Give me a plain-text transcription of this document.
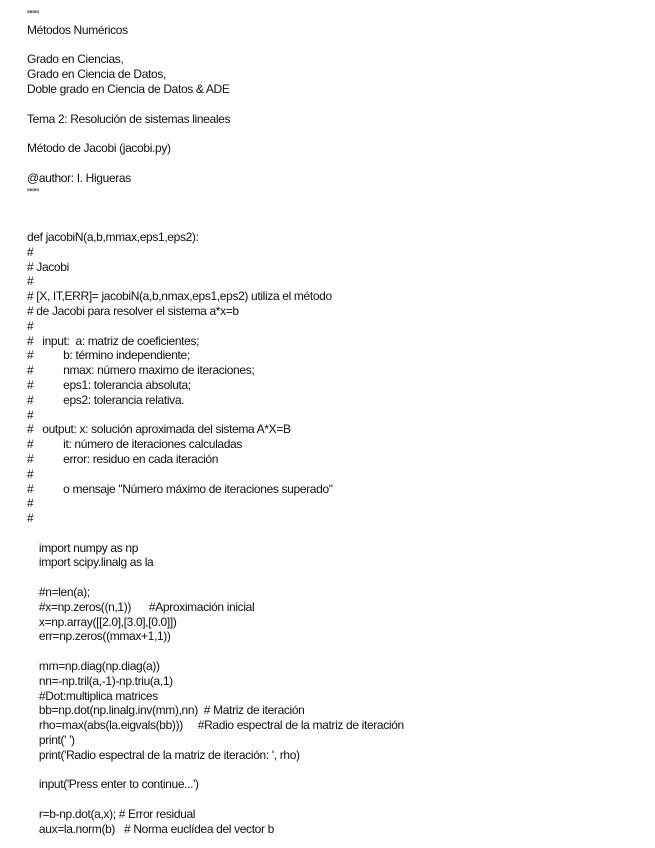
"""
Métodos Numéricos
Grado en Ciencias,
Grado en Ciencia de Datos,
Doble grado en Ciencia de Datos & ADE
Tema 2: Resolución de sistemas lineales
Método de Jacobi (jacobi.py)
@author: I. Higueras
"""
def jacobiN(a,b,mmax,eps1,eps2):
#
# Jacobi
#
# [X, IT,ERR]= jacobiN(a,b,nmax,eps1,eps2) utiliza el método
# de Jacobi para resolver el sistema a*x=b
#
#   input:  a: matriz de coeficientes;
#          b: término independiente;
#          nmax: número maximo de iteraciones;
#          eps1: tolerancia absoluta;
#          eps2: tolerancia relativa.
#
#   output: x: solución aproximada del sistema A*X=B
#          it: número de iteraciones calculadas
#          error: residuo en cada iteración
#
#          o mensaje "Número máximo de iteraciones superado"
#
#
import numpy as np
import scipy.linalg as la
#n=len(a);
#x=np.zeros((n,1))      #Aproximación inicial
x=np.array([[2.0],[3.0],[0.0]])
err=np.zeros((mmax+1,1))
mm=np.diag(np.diag(a))
nn=-np.tril(a,-1)-np.triu(a,1)
#Dot:multiplica matrices
bb=np.dot(np.linalg.inv(mm),nn)  # Matriz de iteración
rho=max(abs(la.eigvals(bb)))     #Radio espectral de la matriz de iteración
print(' ')
print('Radio espectral de la matriz de iteración: ', rho)
input('Press enter to continue...')
r=b-np.dot(a,x); # Error residual
aux=la.norm(b)   # Norma euclídea del vector b
